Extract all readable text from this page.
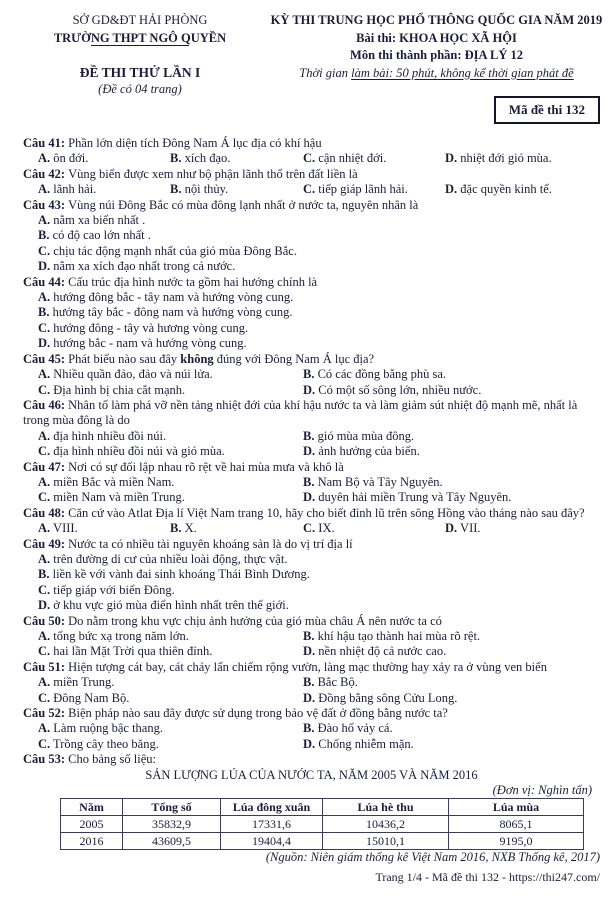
SỞ GD&ĐT HẢI PHÒNG
TRƯỜNG THPT NGÔ QUYỀN
ĐỀ THI THỬ LẦN I
(Đề có 04 trang)
KỲ THI TRUNG HỌC PHỔ THÔNG QUỐC GIA NĂM 2019
Bài thi: KHOA HỌC XÃ HỘI
Môn thi thành phần: ĐỊA LÝ 12
Thời gian làm bài: 50 phút, không kể thời gian phát đề
Mã đề thi 132
Câu 41: Phần lớn diện tích Đông Nam Á lục địa có khí hậu
A. ôn đới.	B. xích đạo.	C. cận nhiệt đới.	D. nhiệt đới gió mùa.
Câu 42: Vùng biển được xem như bộ phận lãnh thổ trên đất liền là
A. lãnh hải.	B. nội thủy.	C. tiếp giáp lãnh hải.	D. đặc quyền kinh tế.
Câu 43: Vùng núi Đông Bắc có mùa đông lạnh nhất ở nước ta, nguyên nhân là
A. nằm xa biển nhất .
B. có độ cao lớn nhất .
C. chịu tác động mạnh nhất của gió mùa Đông Bắc.
D. nằm xa xích đạo nhất trong cả nước.
Câu 44: Cấu trúc địa hình nước ta gồm hai hướng chính là
A. hướng đông bắc - tây nam và hướng vòng cung.
B. hướng tây bắc - đông nam và hướng vòng cung.
C. hướng đông - tây và hương vòng cung.
D. hướng bắc - nam và hướng vòng cung.
Câu 45: Phát biểu nào sau đây không đúng với Đông Nam Á lục địa?
A. Nhiều quần đảo, đảo và núi lửa.	B. Có các đồng bằng phù sa.
C. Địa hình bị chia cắt mạnh.	D. Có một số sông lớn, nhiều nước.
Câu 46: Nhân tố làm phá vỡ nền tảng nhiệt đới của khí hậu nước ta và làm giảm sút nhiệt độ mạnh mẽ, nhất là trong mùa đông là do
A. địa hình nhiều đồi núi.	B. gió mùa mùa đông.
C. địa hình nhiều đồi núi và gió mùa.	D. ảnh hưởng của biển.
Câu 47: Nơi có sự đối lập nhau rõ rệt về hai mùa mưa và khô là
A. miền Bắc và miền Nam.	B. Nam Bộ và Tây Nguyên.
C. miền Nam và miền Trung.	D. duyên hải miền Trung và Tây Nguyên.
Câu 48: Căn cứ vào Atlat Địa lí Việt Nam trang 10, hãy cho biết đỉnh lũ trên sông Hồng vào tháng nào sau đây?
A. VIII.	B. X.	C. IX.	D. VII.
Câu 49: Nước ta có nhiều tài nguyên khoáng sản là do vị trí địa lí
A. trên đường di cư của nhiều loài động, thực vật.
B. liền kề với vành đai sinh khoáng Thái Bình Dương.
C. tiếp giáp với biển Đông.
D. ở khu vực gió mùa điển hình nhất trên thế giới.
Câu 50: Do nằm trong khu vực chịu ảnh hưởng của gió mùa châu Á nên nước ta có
A. tổng bức xạ trong năm lớn.	B. khí hậu tạo thành hai mùa rõ rệt.
C. hai lần Mặt Trời qua thiên đỉnh.	D. nền nhiệt độ cả nước cao.
Câu 51: Hiện tượng cát bay, cát chảy lấn chiếm rộng vườn, làng mạc thường hay xảy ra ở vùng ven biển
A. miền Trung.	B. Bắc Bộ.
C. Đông Nam Bộ.	D. Đồng bằng sông Cửu Long.
Câu 52: Biện pháp nào sau đây được sử dụng trong bảo vệ đất ở đồng bằng nước ta?
A. Làm ruộng bậc thang.	B. Đào hố vảy cá.
C. Trồng cây theo băng.	D. Chống nhiễm mặn.
Câu 53: Cho bảng số liệu:
SẢN LƯỢNG LÚA CỦA NƯỚC TA, NĂM 2005 VÀ NĂM 2016
(Đơn vị: Nghìn tấn)
Năm	Tổng số	Lúa đông xuân	Lúa hè thu	Lúa mùa
2005	35832,9	17331,6	10436,2	8065,1
2016	43609,5	19404,4	15010,1	9195,0
(Nguồn: Niên giám thống kê Việt Nam 2016, NXB Thống kê, 2017)
Trang 1/4 - Mã đề thi 132 - https://thi247.com/
